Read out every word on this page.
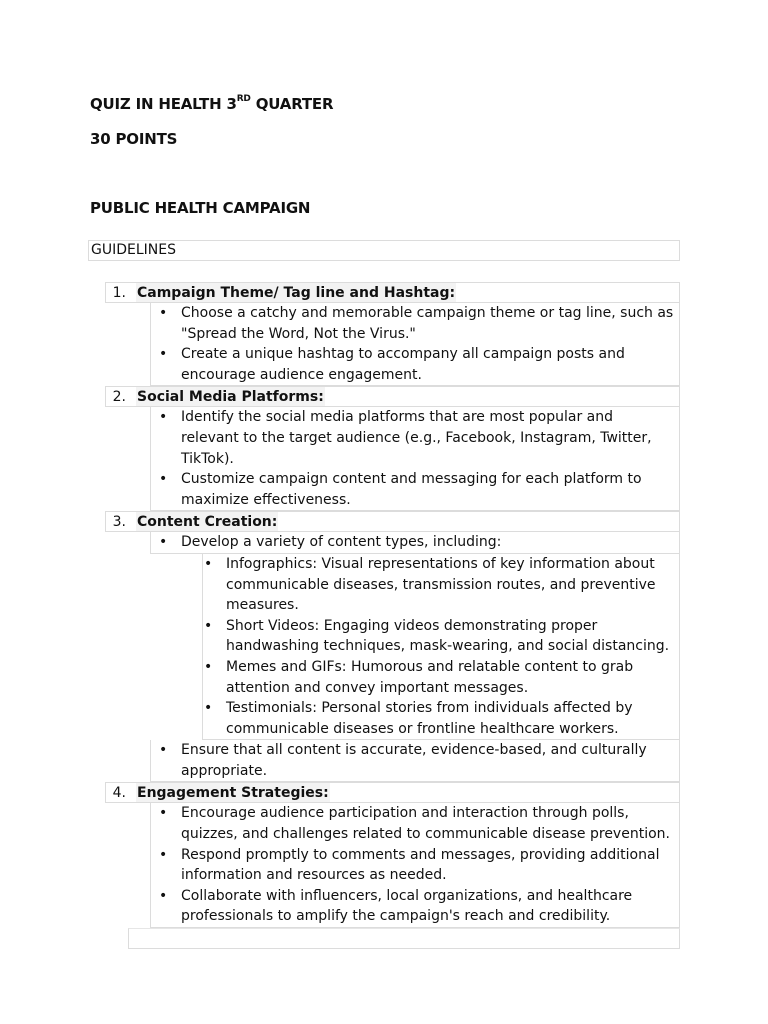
QUIZ IN HEALTH 3RD QUARTER
30 POINTS
PUBLIC HEALTH CAMPAIGN
GUIDELINES
1. Campaign Theme/ Tag line and Hashtag:
• Choose a catchy and memorable campaign theme or tag line, such as "Spread the Word, Not the Virus."
• Create a unique hashtag to accompany all campaign posts and encourage audience engagement.
2. Social Media Platforms:
• Identify the social media platforms that are most popular and relevant to the target audience (e.g., Facebook, Instagram, Twitter, TikTok).
• Customize campaign content and messaging for each platform to maximize effectiveness.
3. Content Creation:
• Develop a variety of content types, including:
• Infographics: Visual representations of key information about communicable diseases, transmission routes, and preventive measures.
• Short Videos: Engaging videos demonstrating proper handwashing techniques, mask-wearing, and social distancing.
• Memes and GIFs: Humorous and relatable content to grab attention and convey important messages.
• Testimonials: Personal stories from individuals affected by communicable diseases or frontline healthcare workers.
• Ensure that all content is accurate, evidence-based, and culturally appropriate.
4. Engagement Strategies:
• Encourage audience participation and interaction through polls, quizzes, and challenges related to communicable disease prevention.
• Respond promptly to comments and messages, providing additional information and resources as needed.
• Collaborate with influencers, local organizations, and healthcare professionals to amplify the campaign's reach and credibility.
